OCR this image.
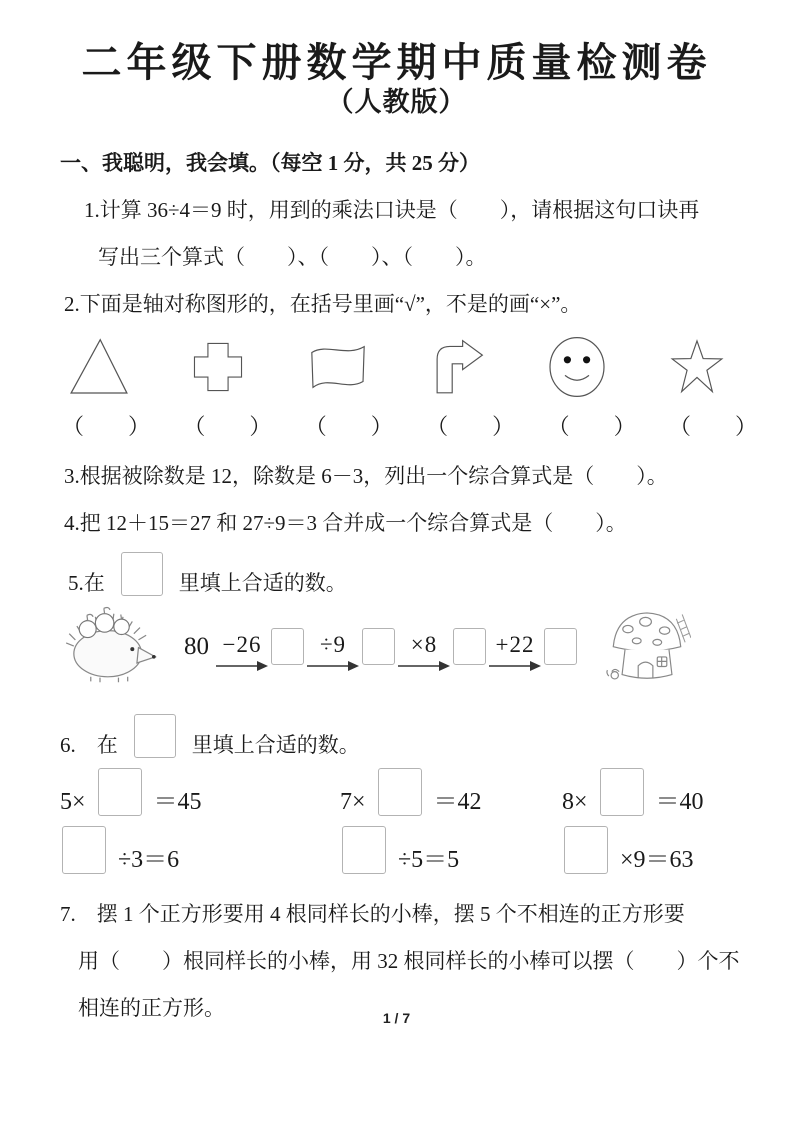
二年级下册数学期中质量检测卷
（人教版）
一、我聪明，我会填。（每空 1 分，共 25 分）
1.计算 36÷4＝9 时，用到的乘法口诀是（　　），请根据这句口诀再
写出三个算式（　　）、（　　）、（　　）。
2.下面是轴对称图形的，在括号里画“√”，不是的画“×”。
（　　） （　　） （　　） （　　） （　　） （　　）
3.根据被除数是 12，除数是 6－3，列出一个综合算式是（　　）。
4.把 12＋15＝27 和 27÷9＝3 合并成一个综合算式是（　　）。
5.在	里填上合适的数。
80 −26	÷9	×8	+22
6.　在	里填上合适的数。
5×	＝45	7×	＝42	8×	＝40
÷3＝6	÷5＝5	×9＝63
7.　摆 1 个正方形要用 4 根同样长的小棒，摆 5 个不相连的正方形要
用（　　）根同样长的小棒，用 32 根同样长的小棒可以摆（　　）个不
相连的正方形。	1 / 7
